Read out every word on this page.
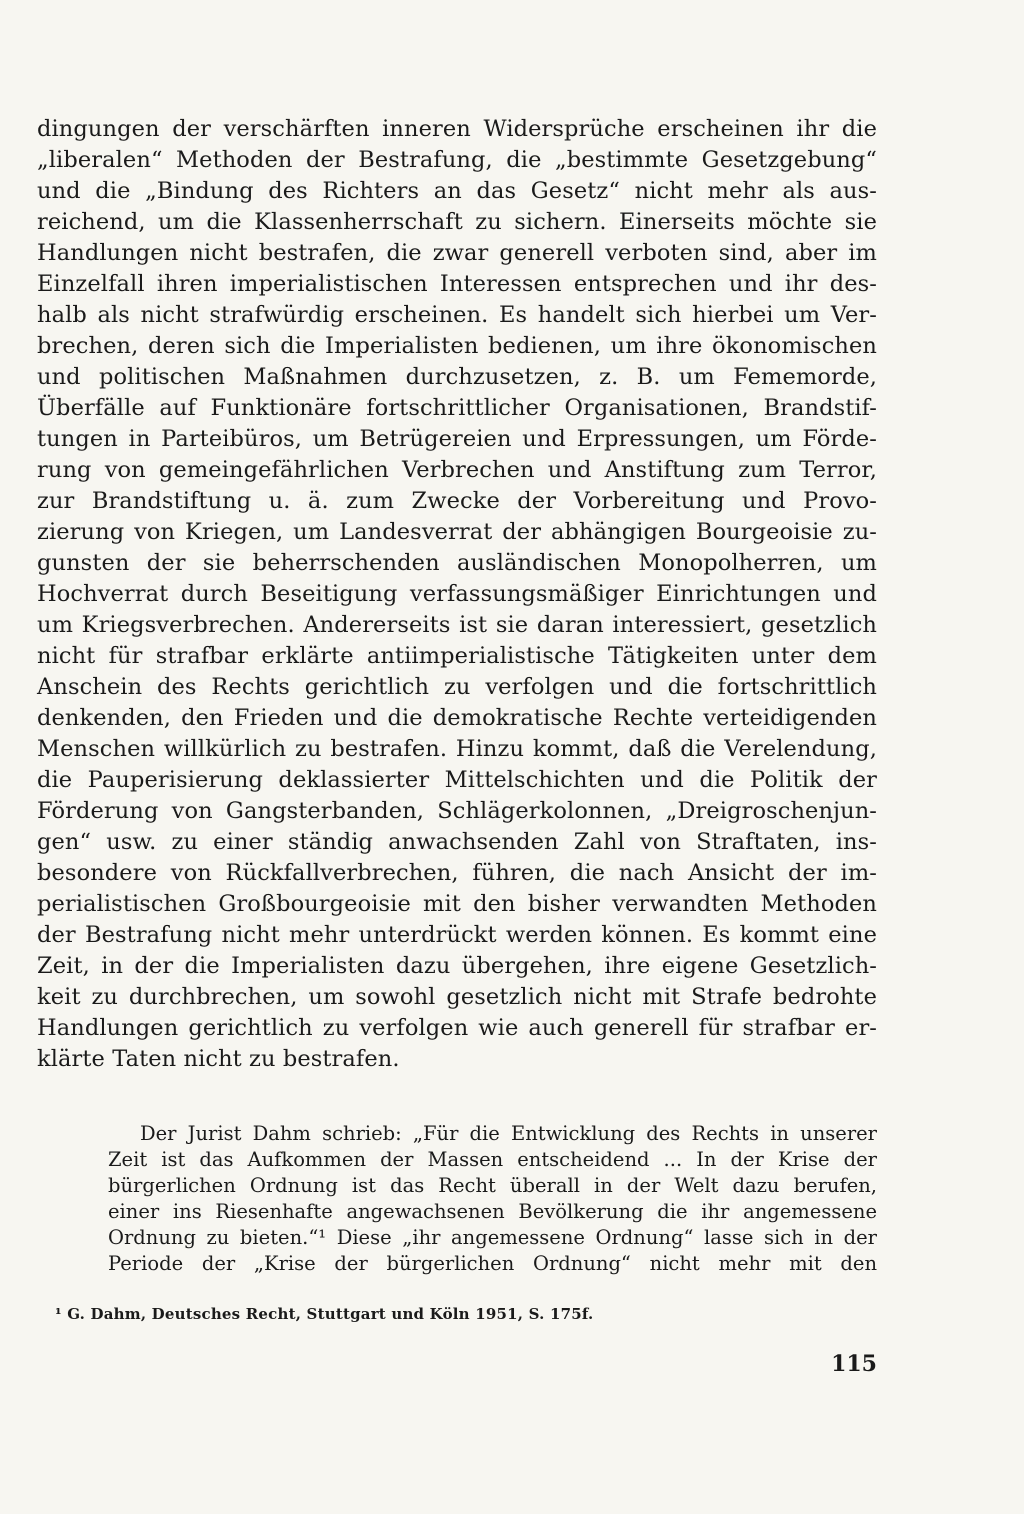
dingungen der verschärften inneren Widersprüche erscheinen ihr die
„liberalen“ Methoden der Bestrafung, die „bestimmte Gesetzgebung“
und die „Bindung des Richters an das Gesetz“ nicht mehr als aus-
reichend, um die Klassenherrschaft zu sichern. Einerseits möchte sie
Handlungen nicht bestrafen, die zwar generell verboten sind, aber im
Einzelfall ihren imperialistischen Interessen entsprechen und ihr des-
halb als nicht strafwürdig erscheinen. Es handelt sich hierbei um Ver-
brechen, deren sich die Imperialisten bedienen, um ihre ökonomischen
und politischen Maßnahmen durchzusetzen, z. B. um Fememorde,
Überfälle auf Funktionäre fortschrittlicher Organisationen, Brandstif-
tungen in Parteibüros, um Betrügereien und Erpressungen, um Förde-
rung von gemeingefährlichen Verbrechen und Anstiftung zum Terror,
zur Brandstiftung u. ä. zum Zwecke der Vorbereitung und Provo-
zierung von Kriegen, um Landesverrat der abhängigen Bourgeoisie zu-
gunsten der sie beherrschenden ausländischen Monopolherren, um
Hochverrat durch Beseitigung verfassungsmäßiger Einrichtungen und
um Kriegsverbrechen. Andererseits ist sie daran interessiert, gesetzlich
nicht für strafbar erklärte antiimperialistische Tätigkeiten unter dem
Anschein des Rechts gerichtlich zu verfolgen und die fortschrittlich
denkenden, den Frieden und die demokratische Rechte verteidigenden
Menschen willkürlich zu bestrafen. Hinzu kommt, daß die Verelendung,
die Pauperisierung deklassierter Mittelschichten und die Politik der
Förderung von Gangsterbanden, Schlägerkolonnen, „Dreigroschenjun-
gen“ usw. zu einer ständig anwachsenden Zahl von Straftaten, ins-
besondere von Rückfallverbrechen, führen, die nach Ansicht der im-
perialistischen Großbourgeoisie mit den bisher verwandten Methoden
der Bestrafung nicht mehr unterdrückt werden können. Es kommt eine
Zeit, in der die Imperialisten dazu übergehen, ihre eigene Gesetzlich-
keit zu durchbrechen, um sowohl gesetzlich nicht mit Strafe bedrohte
Handlungen gerichtlich zu verfolgen wie auch generell für strafbar er-
klärte Taten nicht zu bestrafen.
Der Jurist Dahm schrieb: „Für die Entwicklung des Rechts in unserer
Zeit ist das Aufkommen der Massen entscheidend ... In der Krise der
bürgerlichen Ordnung ist das Recht überall in der Welt dazu berufen,
einer ins Riesenhafte angewachsenen Bevölkerung die ihr angemessene
Ordnung zu bieten.“¹ Diese „ihr angemessene Ordnung“ lasse sich in der
Periode der „Krise der bürgerlichen Ordnung“ nicht mehr mit den
¹ G. Dahm, Deutsches Recht, Stuttgart und Köln 1951, S. 175f.
115
